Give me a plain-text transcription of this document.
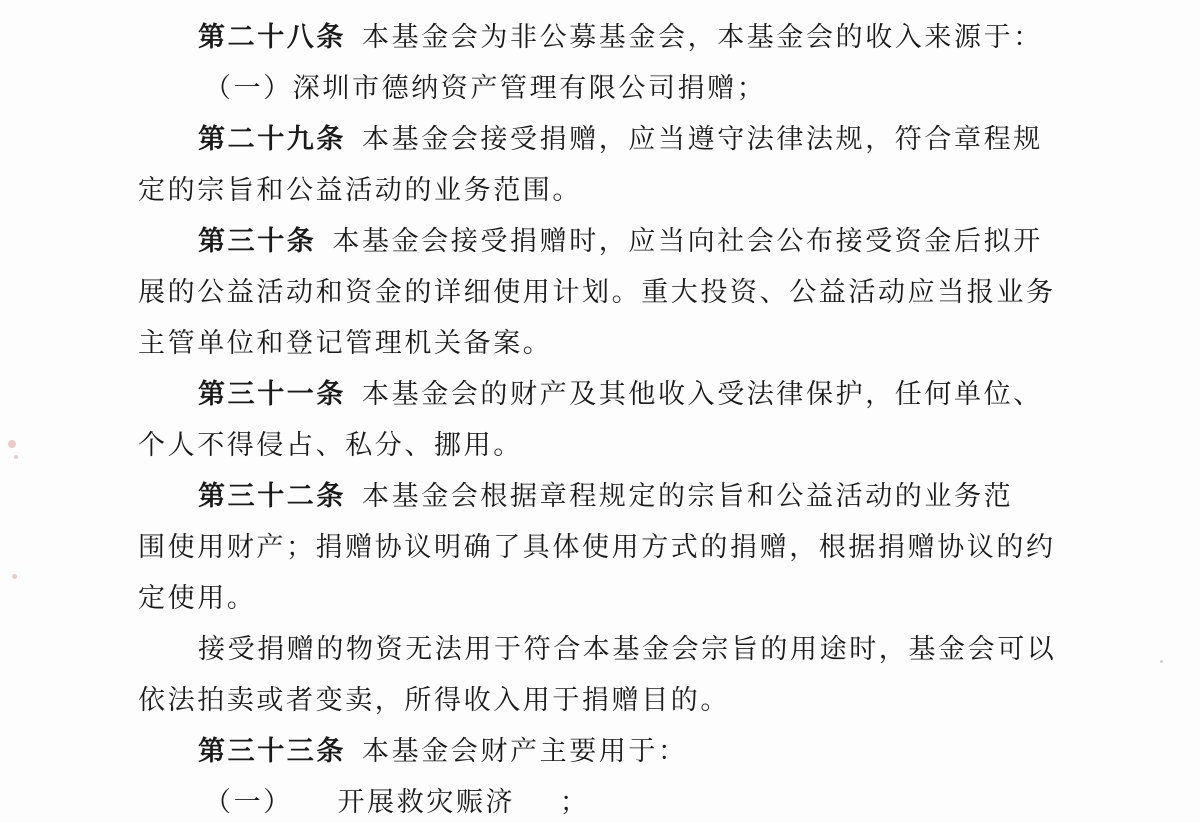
第二十八条 本基金会为非公募基金会，本基金会的收入来源于：
（一）深圳市德纳资产管理有限公司捐赠；
第二十九条 本基金会接受捐赠，应当遵守法律法规，符合章程规
定的宗旨和公益活动的业务范围。
第三十条 本基金会接受捐赠时，应当向社会公布接受资金后拟开
展的公益活动和资金的详细使用计划。重大投资、公益活动应当报业务
主管单位和登记管理机关备案。
第三十一条 本基金会的财产及其他收入受法律保护，任何单位、
个人不得侵占、私分、挪用。
第三十二条 本基金会根据章程规定的宗旨和公益活动的业务范
围使用财产；捐赠协议明确了具体使用方式的捐赠，根据捐赠协议的约
定使用。
接受捐赠的物资无法用于符合本基金会宗旨的用途时，基金会可以
依法拍卖或者变卖，所得收入用于捐赠目的。
第三十三条 本基金会财产主要用于：
（一）    开展救灾赈济    ；
